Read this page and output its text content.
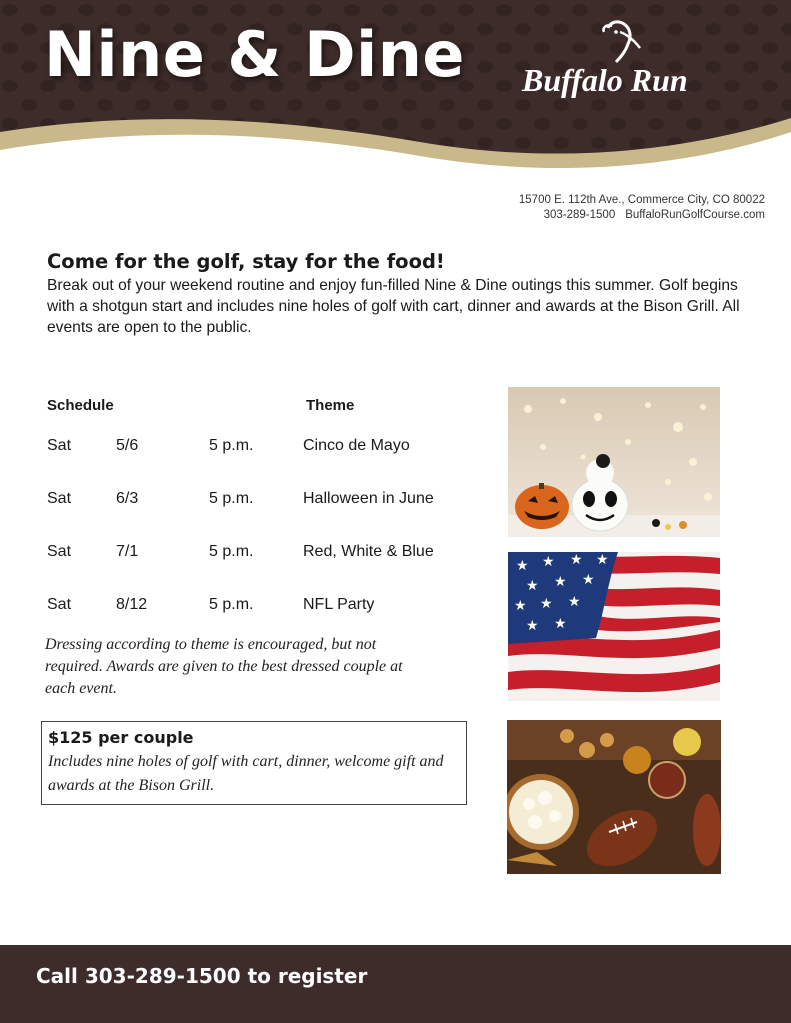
Nine & Dine Buffalo Run
15700 E. 112th Ave., Commerce City, CO 80022
303-289-1500 BuffaloRunGolfCourse.com
Come for the golf, stay for the food!

Break out of your weekend routine and enjoy fun-filled Nine & Dine outings this summer. Golf begins with a shotgun start and includes nine holes of golf with cart, dinner and awards at the Bison Grill. All events are open to the public.

Schedule	Theme
Sat	5/6	5 p.m.	Cinco de Mayo
Sat	6/3	5 p.m.	Halloween in June
Sat	7/1	5 p.m.	Red, White & Blue
Sat	8/12	5 p.m.	NFL Party
Dressing according to theme is encouraged, but not required. Awards are given to the best dressed couple at each event.

$125 per couple

Includes nine holes of golf with cart, dinner, welcome gift and awards at the Bison Grill.

★ ★ ★ ★
★ ★ ★
★ ★ ★
★ ★

Call 303-289-1500 to register
